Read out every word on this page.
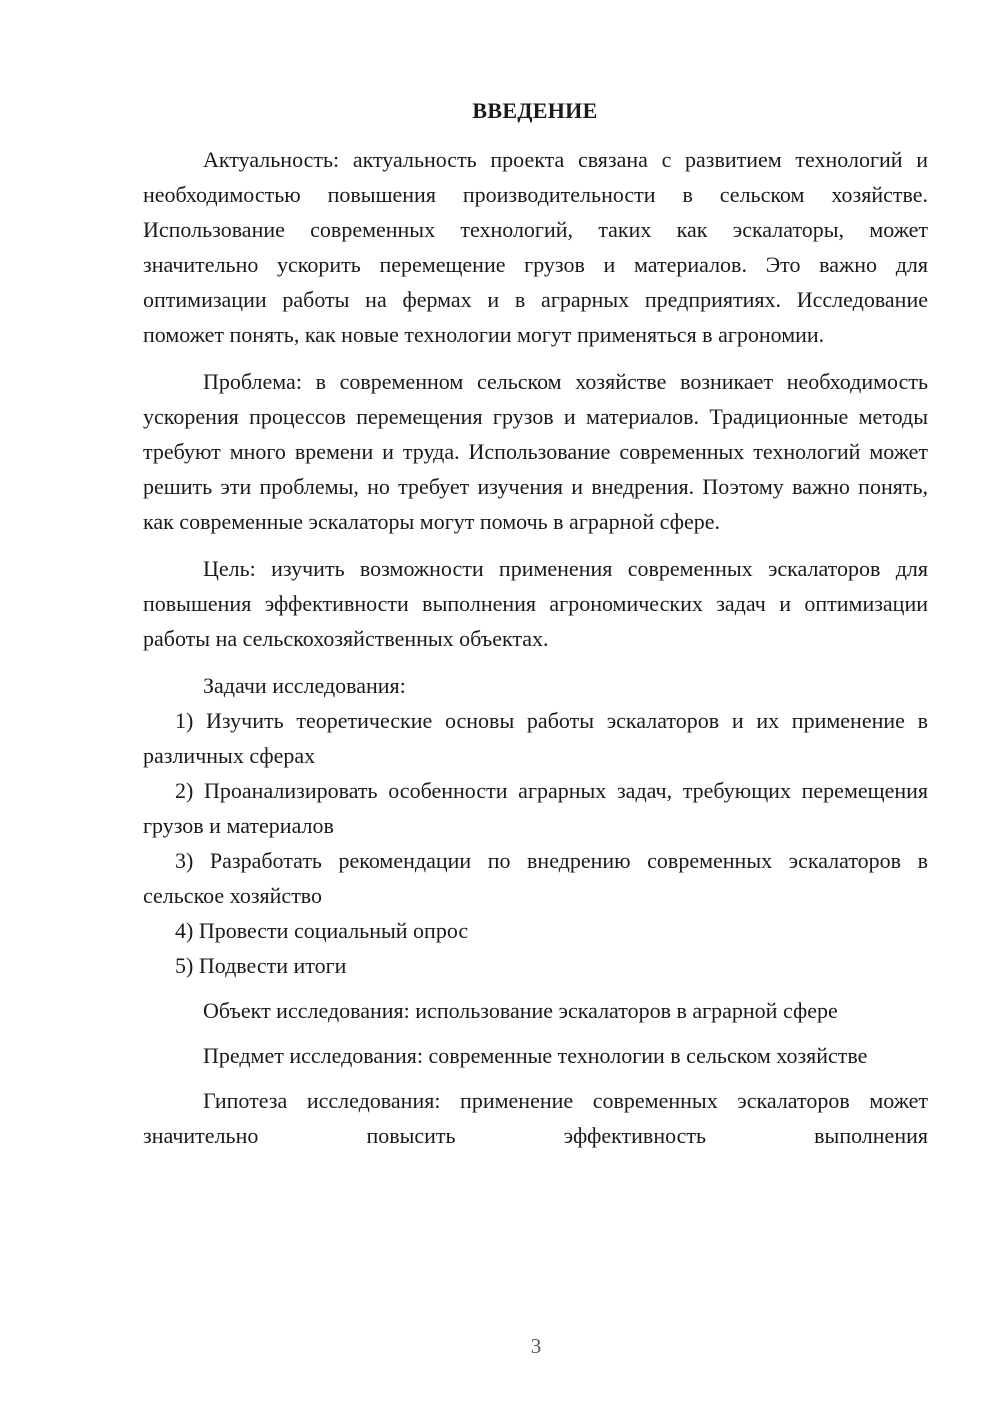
ВВЕДЕНИЕ

Актуальность: актуальность проекта связана с развитием технологий и необходимостью повышения производительности в сельском хозяйстве. Использование современных технологий, таких как эскалаторы, может значительно ускорить перемещение грузов и материалов. Это важно для оптимизации работы на фермах и в аграрных предприятиях. Исследование поможет понять, как новые технологии могут применяться в агрономии.

Проблема: в современном сельском хозяйстве возникает необходимость ускорения процессов перемещения грузов и материалов. Традиционные методы требуют много времени и труда. Использование современных технологий может решить эти проблемы, но требует изучения и внедрения. Поэтому важно понять, как современные эскалаторы могут помочь в аграрной сфере.

Цель: изучить возможности применения современных эскалаторов для повышения эффективности выполнения агрономических задач и оптимизации работы на сельскохозяйственных объектах.

Задачи исследования:

1) Изучить теоретические основы работы эскалаторов и их применение в различных сферах

2) Проанализировать особенности аграрных задач, требующих перемещения грузов и материалов

3) Разработать рекомендации по внедрению современных эскалаторов в сельское хозяйство

4) Провести социальный опрос

5) Подвести итоги

Объект исследования: использование эскалаторов в аграрной сфере

Предмет исследования: современные технологии в сельском хозяйстве

Гипотеза исследования: применение современных эскалаторов может значительно повысить эффективность выполнения

3
